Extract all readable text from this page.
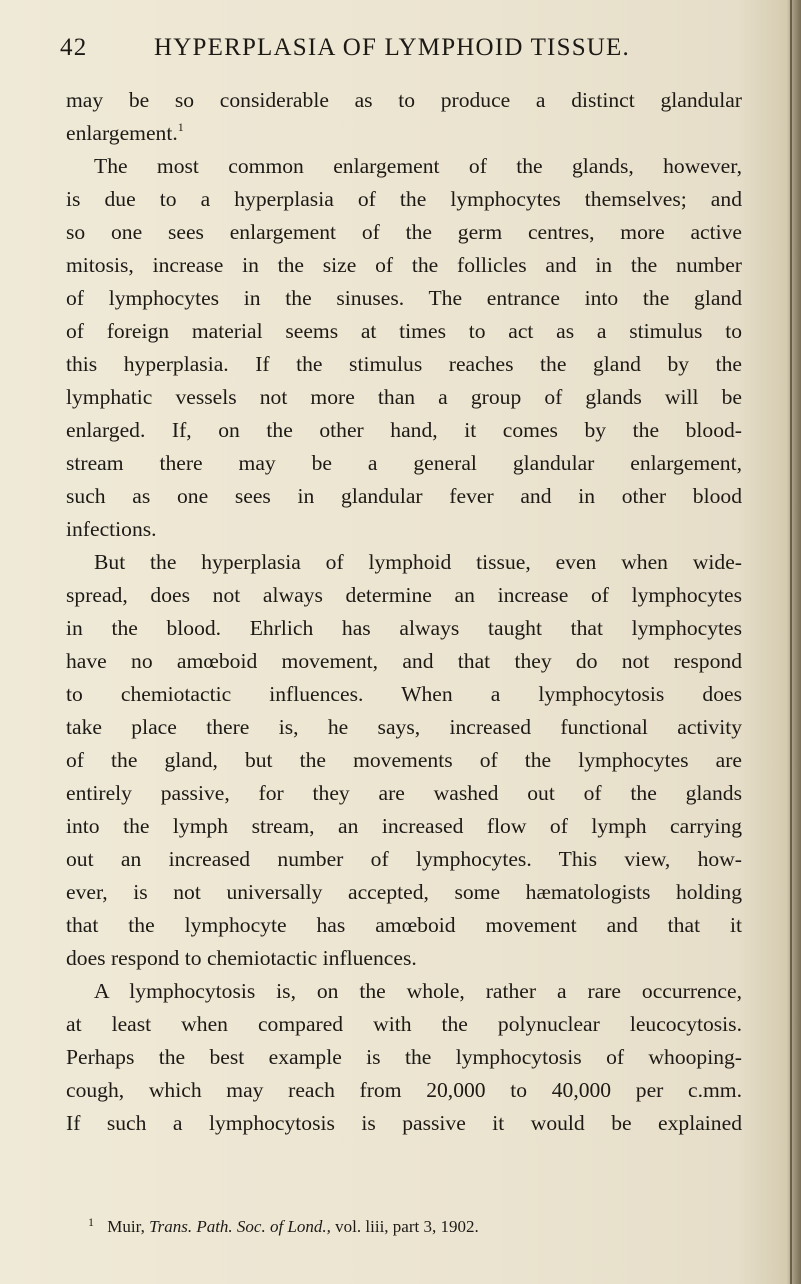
42	HYPERPLASIA OF LYMPHOID TISSUE.
may be so considerable as to produce a distinct glandular
enlargement.$^1$
The most common enlargement of the glands, however,
is due to a hyperplasia of the lymphocytes themselves; and
so one sees enlargement of the germ centres, more active
mitosis, increase in the size of the follicles and in the number
of lymphocytes in the sinuses. The entrance into the gland
of foreign material seems at times to act as a stimulus to
this hyperplasia. If the stimulus reaches the gland by the
lymphatic vessels not more than a group of glands will be
enlarged. If, on the other hand, it comes by the blood-
stream there may be a general glandular enlargement,
such as one sees in glandular fever and in other blood
infections.
But the hyperplasia of lymphoid tissue, even when wide-
spread, does not always determine an increase of lymphocytes
in the blood. Ehrlich has always taught that lymphocytes
have no amœboid movement, and that they do not respond
to chemiotactic influences. When a lymphocytosis does
take place there is, he says, increased functional activity
of the gland, but the movements of the lymphocytes are
entirely passive, for they are washed out of the glands
into the lymph stream, an increased flow of lymph carrying
out an increased number of lymphocytes. This view, how-
ever, is not universally accepted, some hæmatologists holding
that the lymphocyte has amœboid movement and that it
does respond to chemiotactic influences.
A lymphocytosis is, on the whole, rather a rare occurrence,
at least when compared with the polynuclear leucocytosis.
Perhaps the best example is the lymphocytosis of whooping-
cough, which may reach from 20,000 to 40,000 per c.mm.
If such a lymphocytosis is passive it would be explained
$^1$ Muir, Trans. Path. Soc. of Lond., vol. liii, part 3, 1902.
